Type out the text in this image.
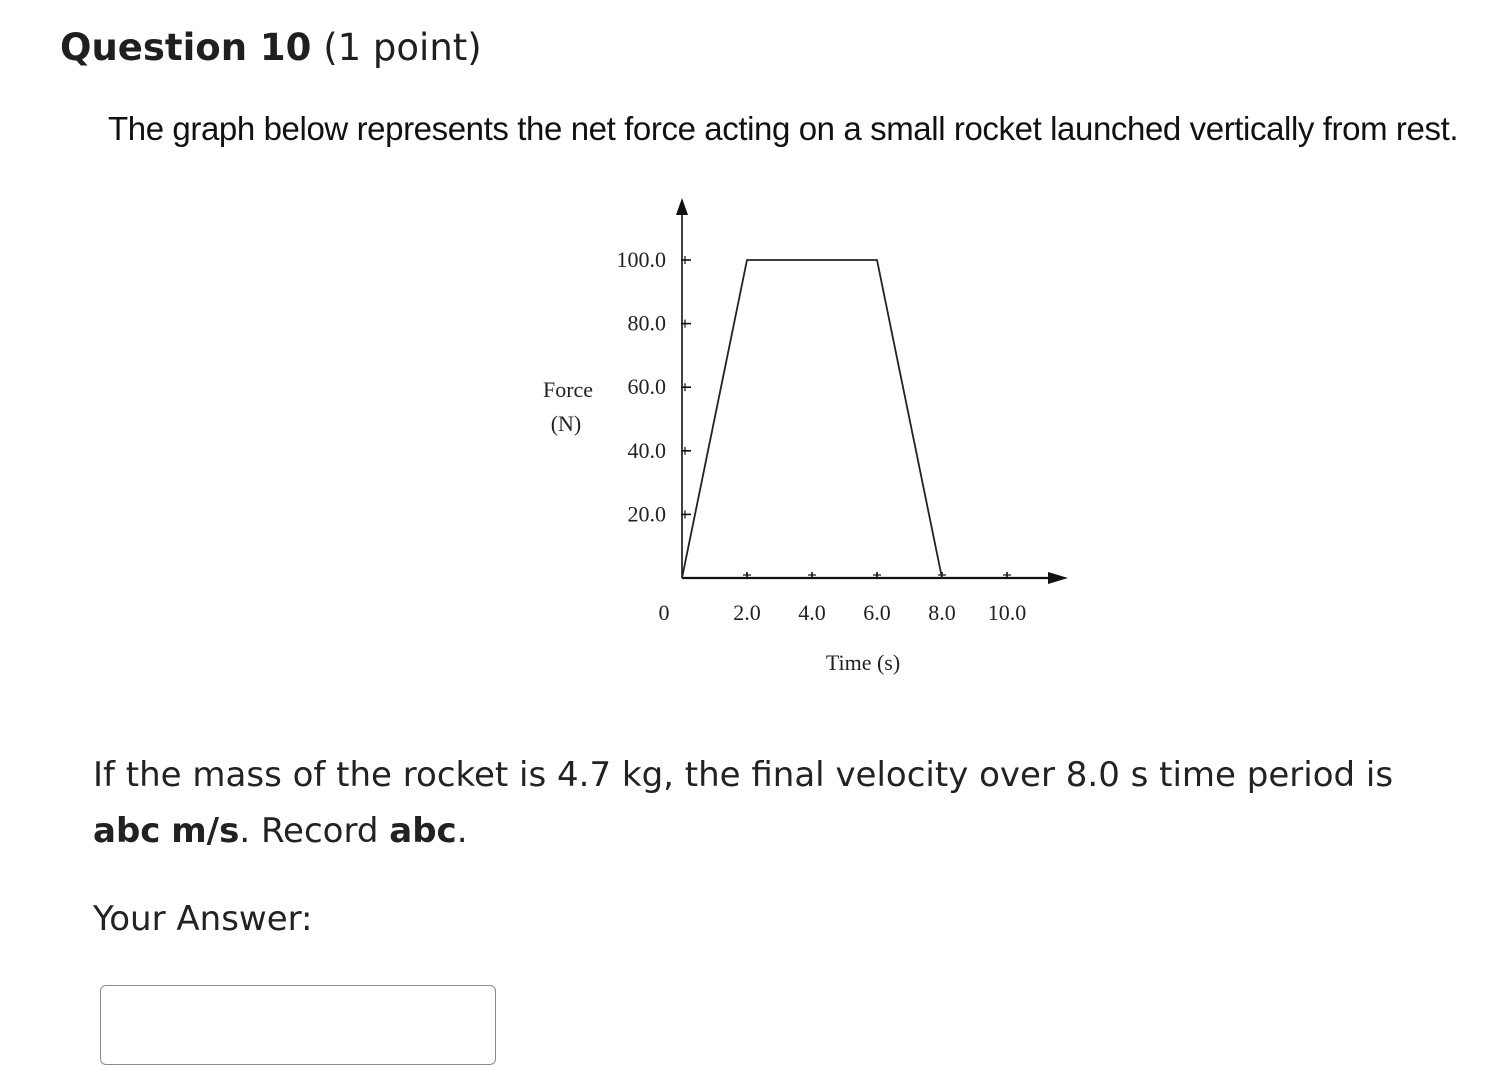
Question 10 (1 point)
The graph below represents the net force acting on a small rocket launched vertically from rest.
20.0
40.0
60.0
80.0
100.0
2.0 4.0 6.0 8.0 10.0
Force
(N)
Time (s)
0
If the mass of the rocket is 4.7 kg, the final velocity over 8.0 s time period is abc m/s. Record abc.
Your Answer:
